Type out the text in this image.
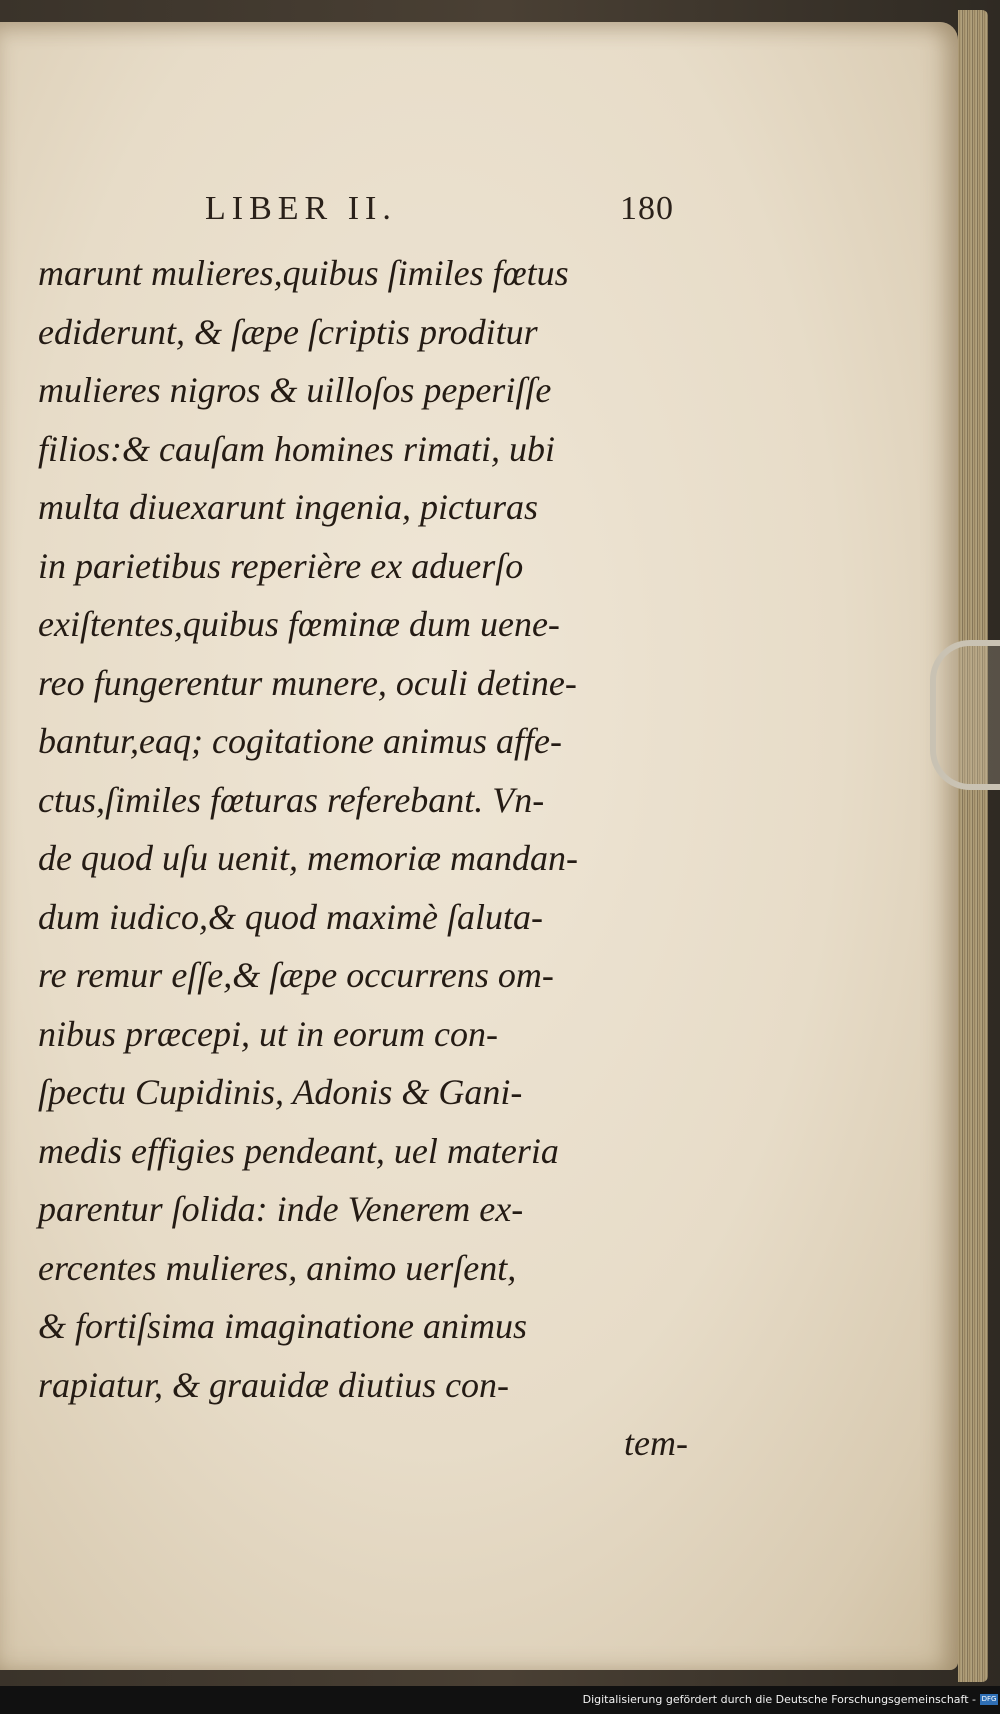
LIBER II.	180
marunt mulieres,quibus ſimiles fœtus
ediderunt, & ſæpe ſcriptis proditur
mulieres nigros & uilloſos peperiſſe
filios:& cauſam homines rimati, ubi
multa diuexarunt ingenia, picturas
in parietibus reperière ex aduerſo
exiſtentes,quibus fœminæ dum uene-
reo fungerentur munere, oculi detine-
bantur,eaq; cogitatione animus affe-
ctus,ſimiles fœturas referebant. Vn-
de quod uſu uenit, memoriæ mandan-
dum iudico,& quod maximè ſaluta-
re remur eſſe,& ſæpe occurrens om-
nibus præcepi, ut in eorum con-
ſpectu Cupidinis, Adonis & Gani-
medis effigies pendeant, uel materia
parentur ſolida: inde Venerem ex-
ercentes mulieres, animo uerſent,
& fortiſsima imaginatione animus
rapiatur, & grauidæ diutius con-
tem-
Digitalisierung gefördert durch die Deutsche Forschungsgemeinschaft - DFG
